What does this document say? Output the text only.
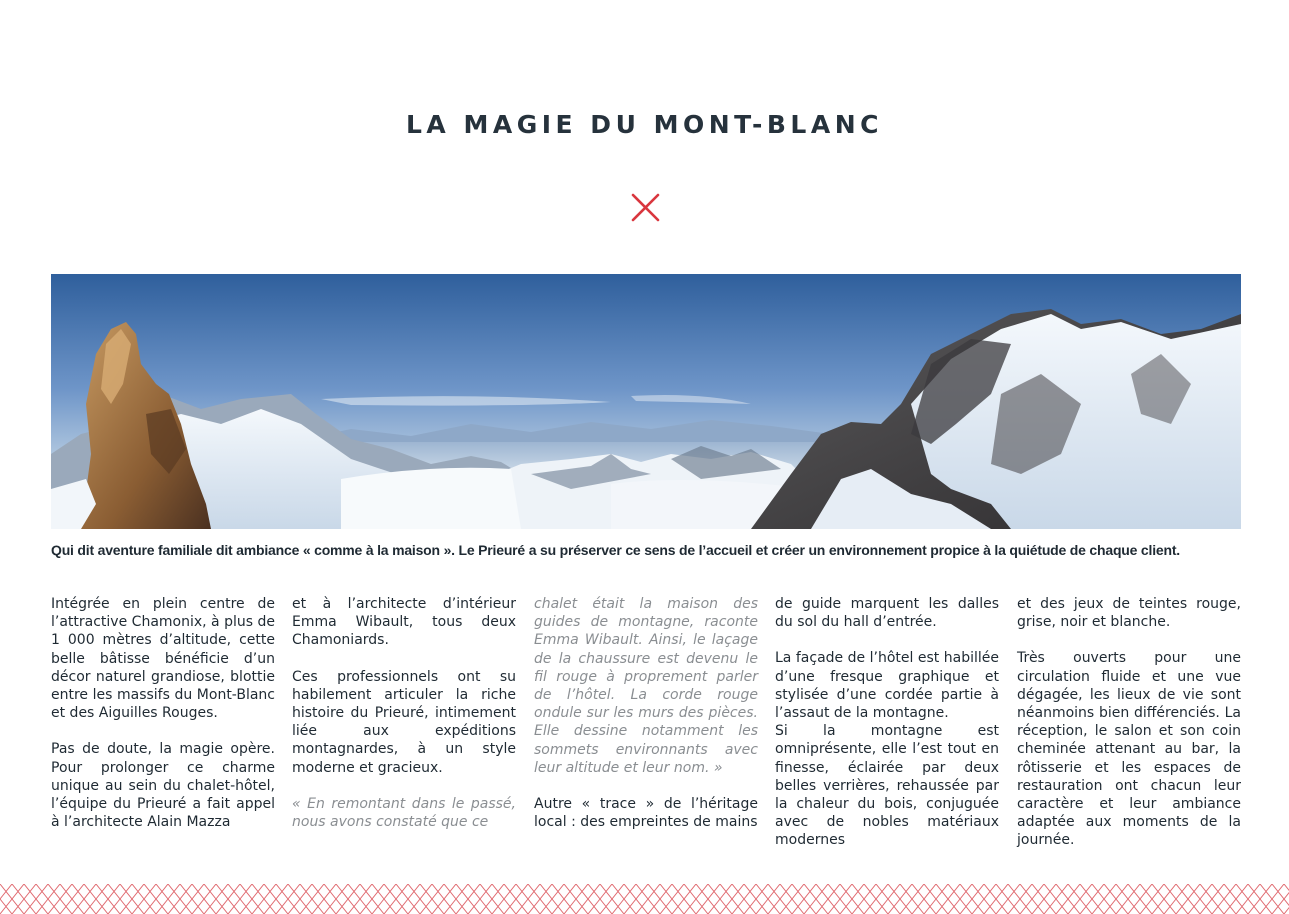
LA MAGIE DU MONT-BLANC
Qui dit aventure familiale dit ambiance « comme à la maison ». Le Prieuré a su préserver ce sens de l’accueil et créer un environnement propice à la quiétude de chaque client.

Intégrée en plein centre de l’attractive Chamonix, à plus de 1 000 mètres d’altitude, cette belle bâtisse bénéficie d’un décor naturel grandiose, blottie entre les massifs du Mont-Blanc et des Aiguilles Rouges.

Pas de doute, la magie opère. Pour prolonger ce charme unique au sein du chalet-hôtel, l’équipe du Prieuré a fait appel à l’architecte Alain Mazza

et à l’architecte d’intérieur Emma Wibault, tous deux Chamoniards.

Ces professionnels ont su habilement articuler la riche histoire du Prieuré, intimement liée aux expéditions montagnardes, à un style moderne et gracieux.

« En remontant dans le passé, nous avons constaté que ce

chalet était la maison des guides de montagne, raconte Emma Wibault. Ainsi, le laçage de la chaussure est devenu le fil rouge à proprement parler de l’hôtel. La corde rouge ondule sur les murs des pièces. Elle dessine notamment les sommets environnants avec leur altitude et leur nom. »

Autre « trace » de l’héritage local : des empreintes de mains

de guide marquent les dalles du sol du hall d’entrée.

La façade de l’hôtel est habillée d’une fresque graphique et stylisée d’une cordée partie à l’assaut de la montagne.

Si la montagne est omniprésente, elle l’est tout en finesse, éclairée par deux belles verrières, rehaussée par la chaleur du bois, conjuguée avec de nobles matériaux modernes

et des jeux de teintes rouge, grise, noir et blanche.

Très ouverts pour une circulation fluide et une vue dégagée, les lieux de vie sont néanmoins bien différenciés. La réception, le salon et son coin cheminée attenant au bar, la rôtisserie et les espaces de restauration ont chacun leur caractère et leur ambiance adaptée aux moments de la journée.
